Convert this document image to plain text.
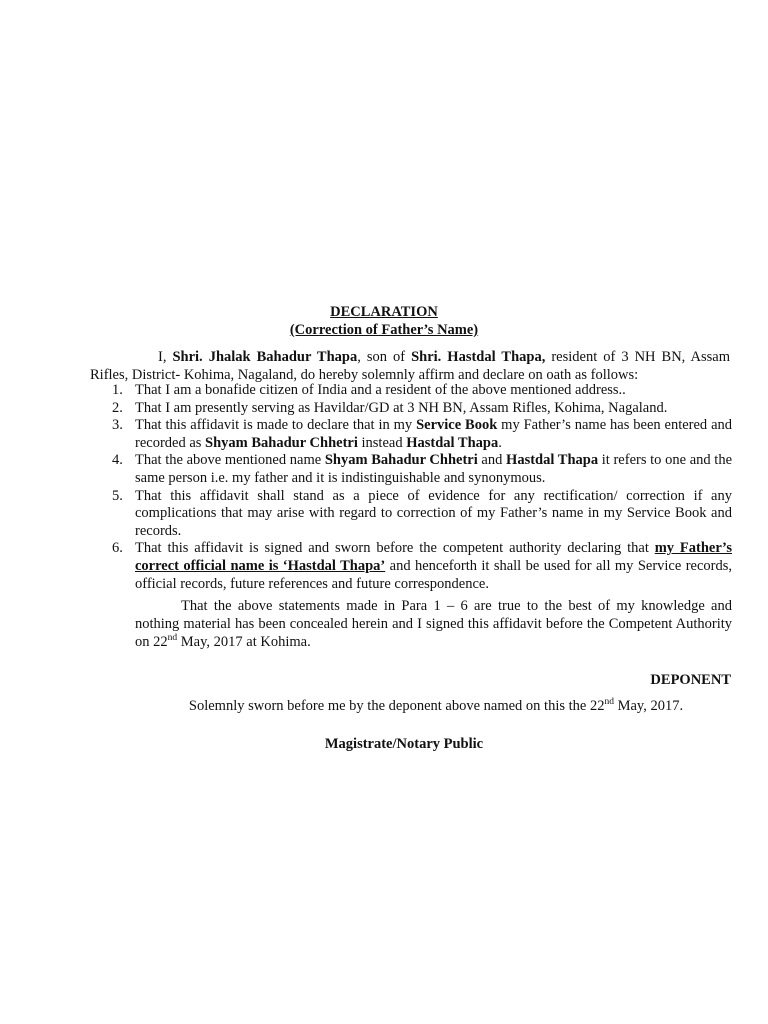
DECLARATION
(Correction of Father’s Name)

I, Shri. Jhalak Bahadur Thapa, son of Shri. Hastdal Thapa, resident of 3 NH BN, Assam Rifles, District- Kohima, Nagaland, do hereby solemnly affirm and declare on oath as follows:

1. That I am a bonafide citizen of India and a resident of the above mentioned address..
2. That I am presently serving as Havildar/GD at 3 NH BN, Assam Rifles, Kohima, Nagaland.
3. That this affidavit is made to declare that in my Service Book my Father’s name has been entered and recorded as Shyam Bahadur Chhetri instead Hastdal Thapa.
4. That the above mentioned name Shyam Bahadur Chhetri and Hastdal Thapa it refers to one and the same person i.e. my father and it is indistinguishable and synonymous.
5. That this affidavit shall stand as a piece of evidence for any rectification/ correction if any complications that may arise with regard to correction of my Father’s name in my Service Book and records.
6. That this affidavit is signed and sworn before the competent authority declaring that my Father’s correct official name is ‘Hastdal Thapa’ and henceforth it shall be used for all my Service records, official records, future references and future correspondence.

That the above statements made in Para 1 – 6 are true to the best of my knowledge and nothing material has been concealed herein and I signed this affidavit before the Competent Authority on 22nd May, 2017 at Kohima.

DEPONENT
Solemnly sworn before me by the deponent above named on this the 22nd May, 2017.
Magistrate/Notary Public
